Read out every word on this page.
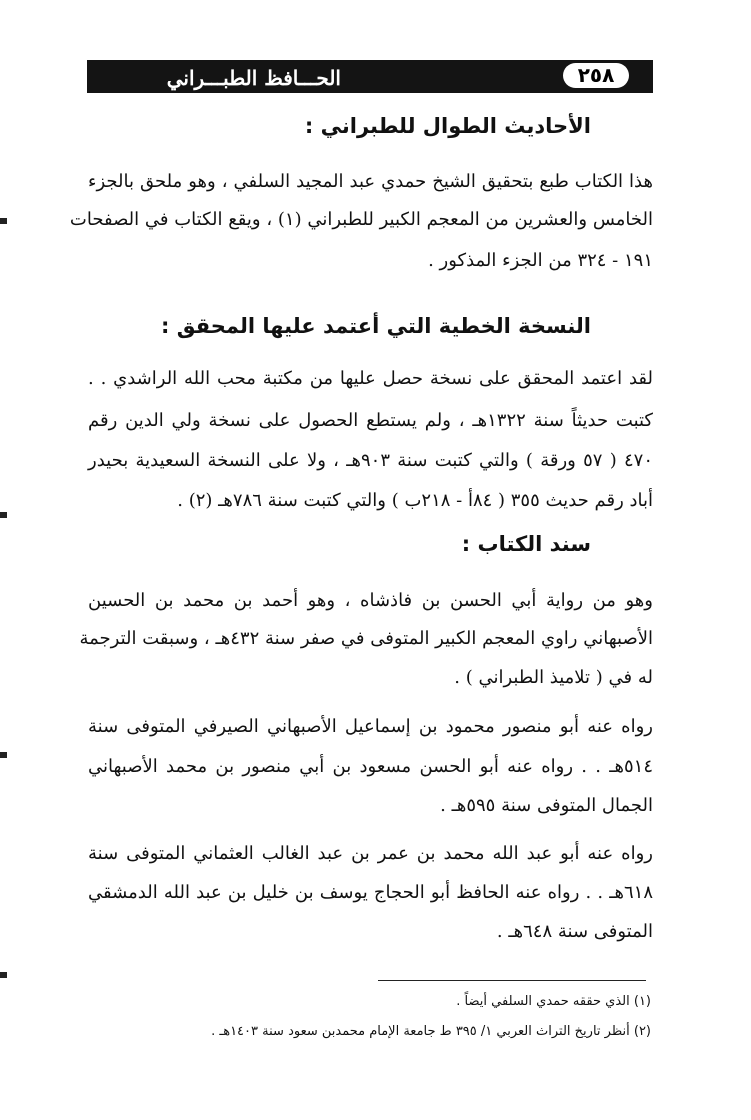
الحـــافظ الطبـــراني	٢٥٨
الأحاديث الطوال للطبراني :
هذا الكتاب طبع بتحقيق الشيخ حمدي عبد المجيد السلفي ، وهو ملحق بالجزء
الخامس والعشرين من المعجم الكبير للطبراني (١) ، ويقع الكتاب في الصفحات
١٩١ - ٣٢٤ من الجزء المذكور .
النسخة الخطية التي أعتمد عليها المحقق :
لقد اعتمد المحقق على نسخة حصل عليها من مكتبة محب الله الراشدي . .
كتبت حديثاً سنة ١٣٢٢هـ ، ولم يستطع الحصول على نسخة ولي الدين رقم
٤٧٠ ( ٥٧ ورقة ) والتي كتبت سنة ٩٠٣هـ ، ولا على النسخة السعيدية بحيدر
أباد رقم حديث ٣٥٥ ( ٨٤أ - ٢١٨ب ) والتي كتبت سنة ٧٨٦هـ (٢) .
سند الكتاب :
وهو من رواية أبي الحسن بن فاذشاه ، وهو أحمد بن محمد بن الحسين
الأصبهاني راوي المعجم الكبير المتوفى في صفر سنة ٤٣٢هـ ، وسبقت الترجمة
له في ( تلاميذ الطبراني ) .
رواه عنه أبو منصور محمود بن إسماعيل الأصبهاني الصيرفي المتوفى سنة
٥١٤هـ . . رواه عنه أبو الحسن مسعود بن أبي منصور بن محمد الأصبهاني
الجمال المتوفى سنة ٥٩٥هـ .
رواه عنه أبو عبد الله محمد بن عمر بن عبد الغالب العثماني المتوفى سنة
٦١٨هـ . . رواه عنه الحافظ أبو الحجاج يوسف بن خليل بن عبد الله الدمشقي
المتوفى سنة ٦٤٨هـ .
(١) الذي حققه حمدي السلفي أيضاً .
(٢) أنظر تاريخ التراث العربي ١/ ٣٩٥ ط جامعة الإمام محمدبن سعود سنة ١٤٠٣هـ .
